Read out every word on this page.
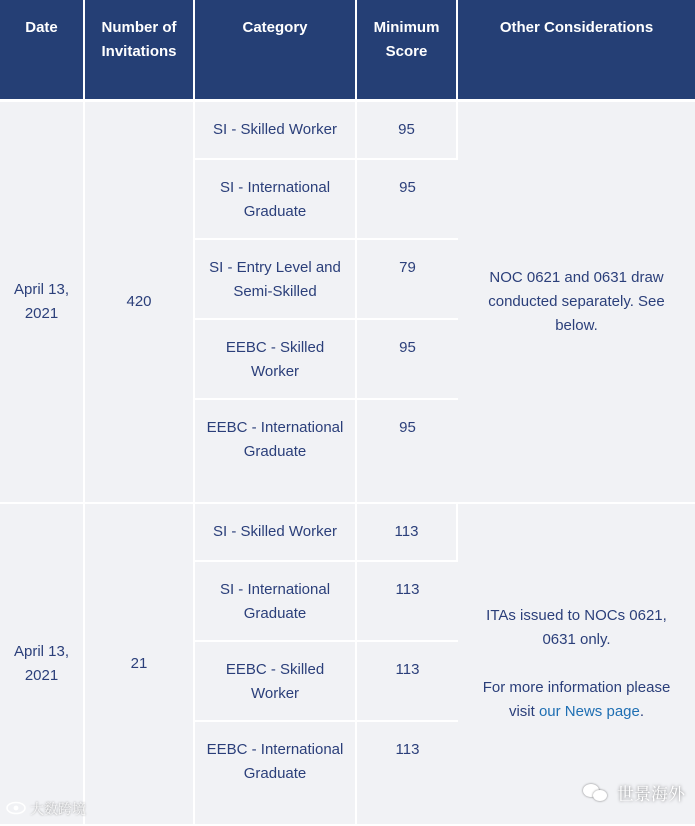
Date	Number of Invitations	Category	Minimum Score	Other Considerations
April 13, 2021	420	SI - Skilled Worker	95	NOC 0621 and 0631 draw conducted separately. See below.
		SI - International Graduate	95	
		SI - Entry Level and Semi-Skilled	79	
		EEBC - Skilled Worker	95	
		EEBC - International Graduate	95	
April 13, 2021	21	SI - Skilled Worker	113	ITAs issued to NOCs 0621, 0631 only.
For more information please visit our News page.
		SI - International Graduate	113	
		EEBC - Skilled Worker	113	
		EEBC - International Graduate	113	
大数跨境
世景海外
